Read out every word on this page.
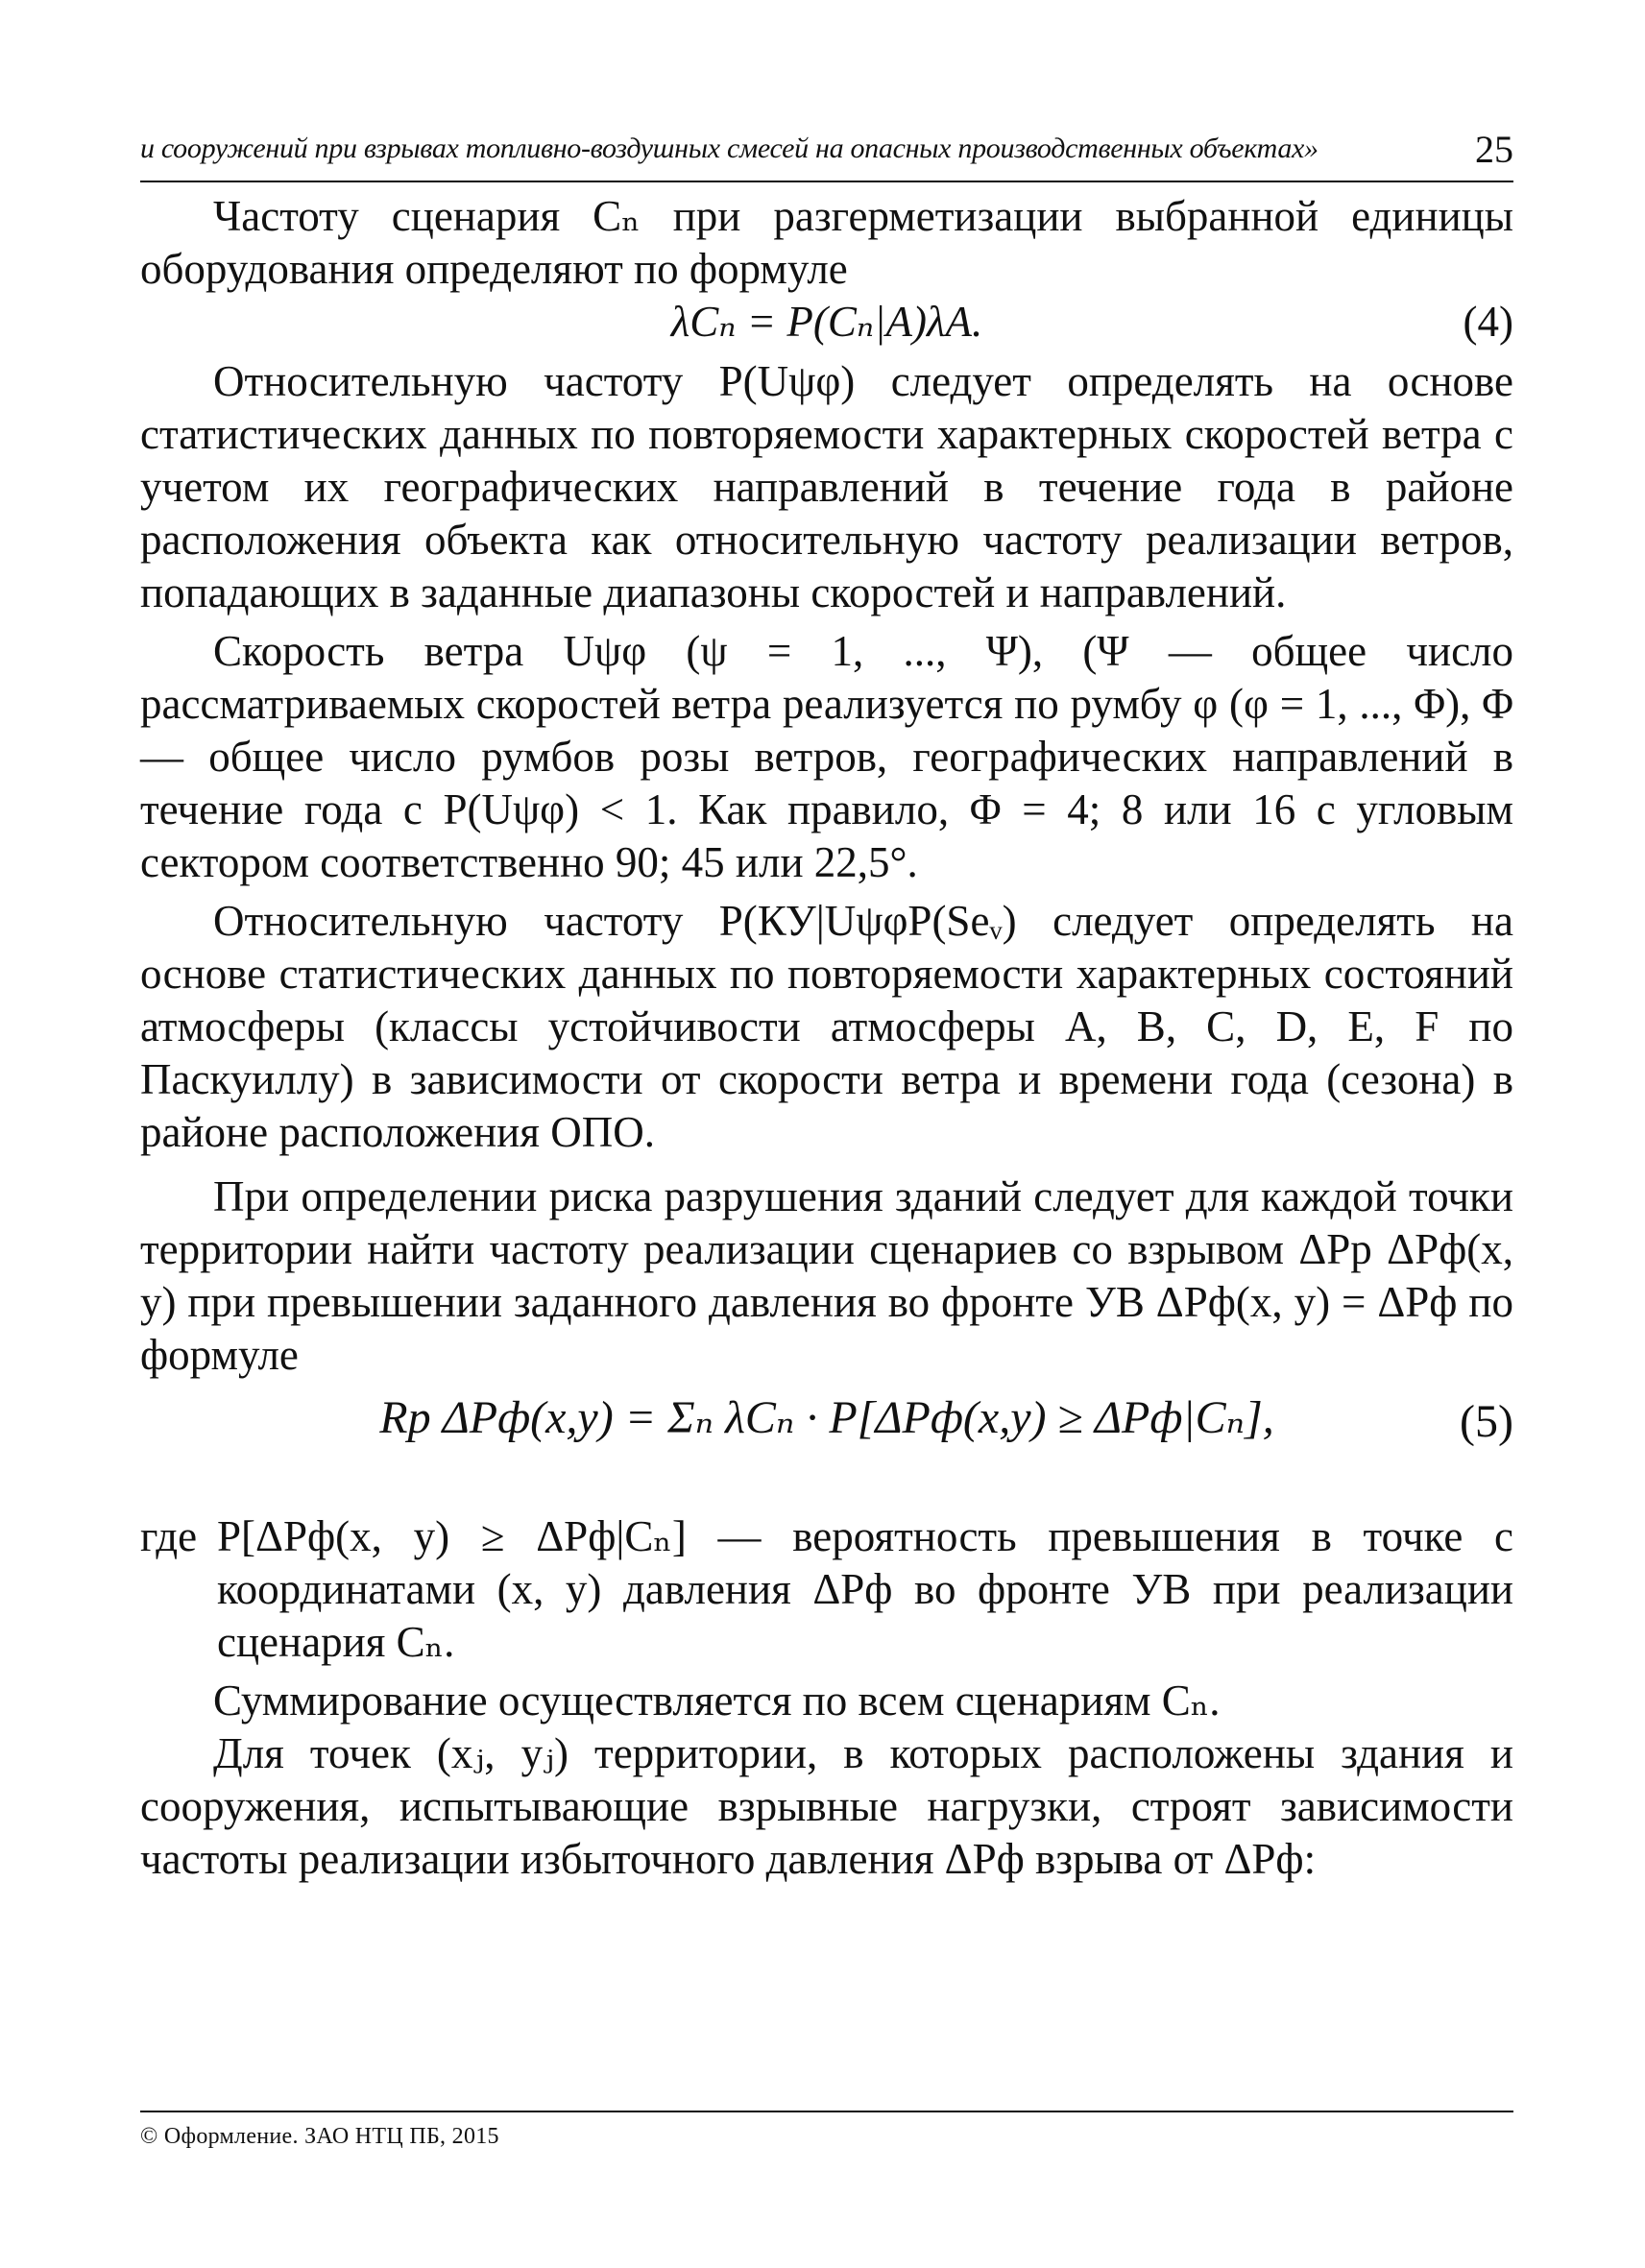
и сооружений при взрывах топливно-воздушных смесей на опасных производственных объектах»	25

Частоту сценария Cₙ при разгерметизации выбранной единицы оборудования определяют по формуле

λCₙ = P(Cₙ|A)λΑ.	(4)

Относительную частоту P(Uψφ) следует определять на основе статистических данных по повторяемости характерных скоростей ветра с учетом их географических направлений в течение года в районе расположения объекта как относительную частоту реализации ветров, попадающих в заданные диапазоны скоростей и направлений.

Скорость ветра Uψφ (ψ = 1, ..., Ψ), (Ψ — общее число рассматриваемых скоростей ветра реализуется по румбу φ (φ = 1, ..., Φ), Φ — общее число румбов розы ветров, географических направлений в течение года с P(Uψφ) < 1. Как правило, Φ = 4; 8 или 16 с угловым сектором соответственно 90; 45 или 22,5°.

Относительную частоту P(КУ|UψφP(Seᵥ) следует определять на основе статистических данных по повторяемости характерных состояний атмосферы (классы устойчивости атмосферы А, В, С, D, E, F по Паскуиллу) в зависимости от скорости ветра и времени года (сезона) в районе расположения ОПО.

При определении риска разрушения зданий следует для каждой точки территории найти частоту реализации сценариев со взрывом ΔPр ΔPф(x, y) при превышении заданного давления во фронте УВ ΔPф(x, y) = ΔPф по формуле

Rр ΔPф(x,y) = Σₙ λCₙ · P[ΔPф(x,y) ≥ ΔPф|Cₙ],	(5)
где P[ΔPф(x, y) ≥ ΔPф|Cₙ] — вероятность превышения в точке с координатами (x, y) давления ΔPф во фронте УВ при реализации сценария Cₙ.

Суммирование осуществляется по всем сценариям Cₙ.

Для точек (xⱼ, yⱼ) территории, в которых расположены здания и сооружения, испытывающие взрывные нагрузки, строят зависимости частоты реализации избыточного давления ΔPф взрыва от ΔPф:

© Оформление. ЗАО НТЦ ПБ, 2015
